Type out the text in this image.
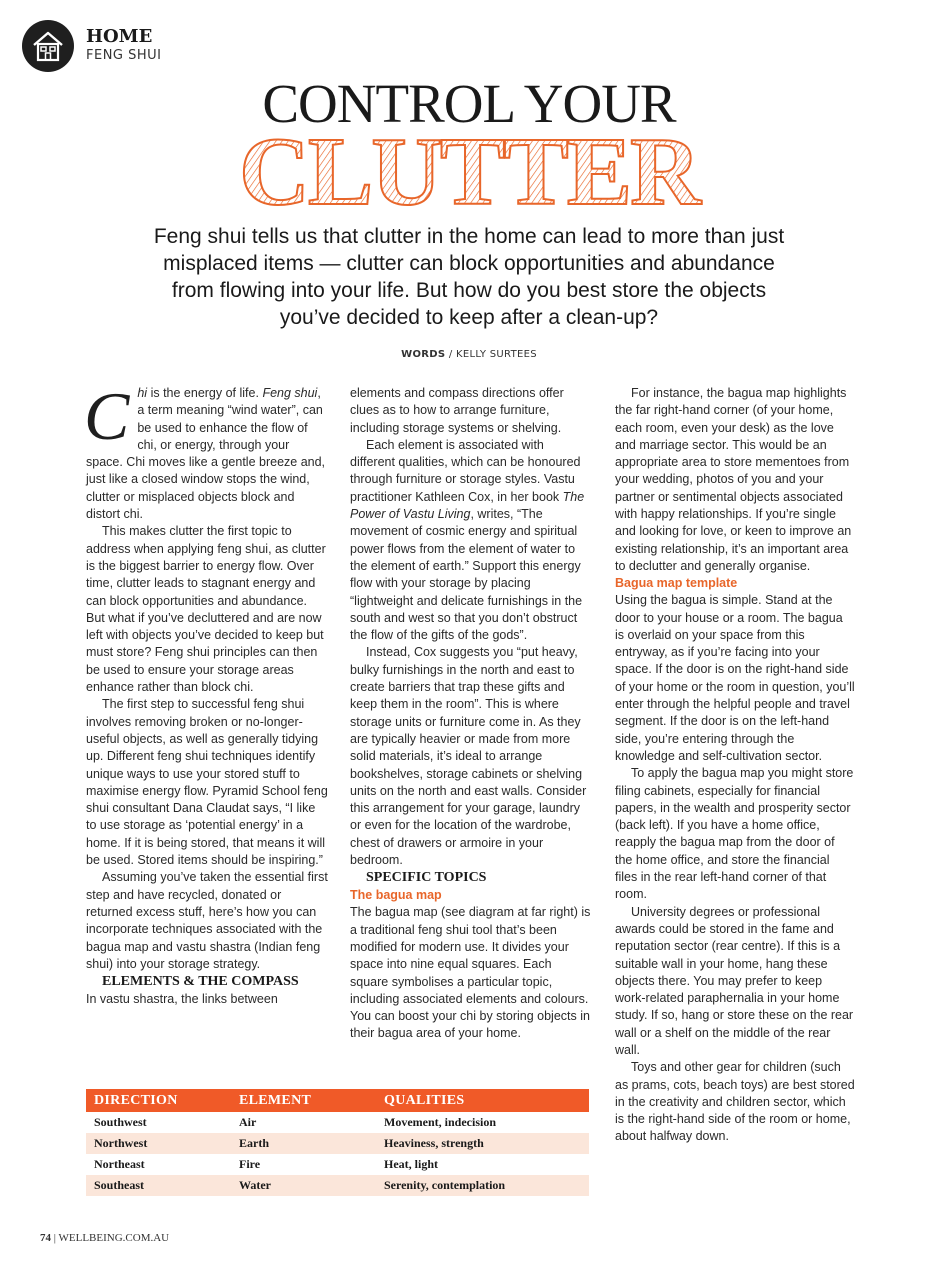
HOME
FENG SHUI
CONTROL YOUR
CLUTTER
Feng shui tells us that clutter in the home can lead to more than just misplaced items — clutter can block opportunities and abundance from flowing into your life. But how do you best store the objects you’ve decided to keep after a clean-up?
WORDS / KELLY SURTEES

Chi is the energy of life. Feng shui, a term meaning “wind water”, can be used to enhance the flow of chi, or energy, through your space. Chi moves like a gentle breeze and, just like a closed window stops the wind, clutter or misplaced objects block and distort chi.

This makes clutter the first topic to address when applying feng shui, as clutter is the biggest barrier to energy flow. Over time, clutter leads to stagnant energy and can block opportunities and abundance. But what if you’ve decluttered and are now left with objects you’ve decided to keep but must store? Feng shui principles can then be used to ensure your storage areas enhance rather than block chi.

The first step to successful feng shui involves removing broken or no-longer-useful objects, as well as generally tidying up. Different feng shui techniques identify unique ways to use your stored stuff to maximise energy flow. Pyramid School feng shui consultant Dana Claudat says, “I like to use storage as ‘potential energy’ in a home. If it is being stored, that means it will be used. Stored items should be inspiring.”

Assuming you’ve taken the essential first step and have recycled, donated or returned excess stuff, here’s how you can incorporate techniques associated with the bagua map and vastu shastra (Indian feng shui) into your storage strategy.

ELEMENTS & THE COMPASS

In vastu shastra, the links between

elements and compass directions offer clues as to how to arrange furniture, including storage systems or shelving.

Each element is associated with different qualities, which can be honoured through furniture or storage styles. Vastu practitioner Kathleen Cox, in her book The Power of Vastu Living, writes, “The movement of cosmic energy and spiritual power flows from the element of water to the element of earth.” Support this energy flow with your storage by placing “lightweight and delicate furnishings in the south and west so that you don’t obstruct the flow of the gifts of the gods”.

Instead, Cox suggests you “put heavy, bulky furnishings in the north and east to create barriers that trap these gifts and keep them in the room”. This is where storage units or furniture come in. As they are typically heavier or made from more solid materials, it’s ideal to arrange bookshelves, storage cabinets or shelving units on the north and east walls. Consider this arrangement for your garage, laundry or even for the location of the wardrobe, chest of drawers or armoire in your bedroom.

SPECIFIC TOPICS

The bagua map

The bagua map (see diagram at far right) is a traditional feng shui tool that’s been modified for modern use. It divides your space into nine equal squares. Each square symbolises a particular topic, including associated elements and colours. You can boost your chi by storing objects in their bagua area of your home.

For instance, the bagua map highlights the far right-hand corner (of your home, each room, even your desk) as the love and marriage sector. This would be an appropriate area to store mementoes from your wedding, photos of you and your partner or sentimental objects associated with happy relationships. If you’re single and looking for love, or keen to improve an existing relationship, it’s an important area to declutter and generally organise.

Bagua map template

Using the bagua is simple. Stand at the door to your house or a room. The bagua is overlaid on your space from this entryway, as if you’re facing into your space. If the door is on the right-hand side of your home or the room in question, you’ll enter through the helpful people and travel segment. If the door is on the left-hand side, you’re entering through the knowledge and self-cultivation sector.

To apply the bagua map you might store filing cabinets, especially for financial papers, in the wealth and prosperity sector (back left). If you have a home office, reapply the bagua map from the door of the home office, and store the financial files in the rear left-hand corner of that room.

University degrees or professional awards could be stored in the fame and reputation sector (rear centre). If this is a suitable wall in your home, hang these objects there. You may prefer to keep work-related paraphernalia in your home study. If so, hang or store these on the rear wall or a shelf on the middle of the rear wall.

Toys and other gear for children (such as prams, cots, beach toys) are best stored in the creativity and children sector, which is the right-hand side of the room or home, about halfway down.

DIRECTION	ELEMENT	QUALITIES
Southwest	Air	Movement, indecision
Northwest	Earth	Heaviness, strength
Northeast	Fire	Heat, light
Southeast	Water	Serenity, contemplation
74 | WELLBEING.COM.AU
